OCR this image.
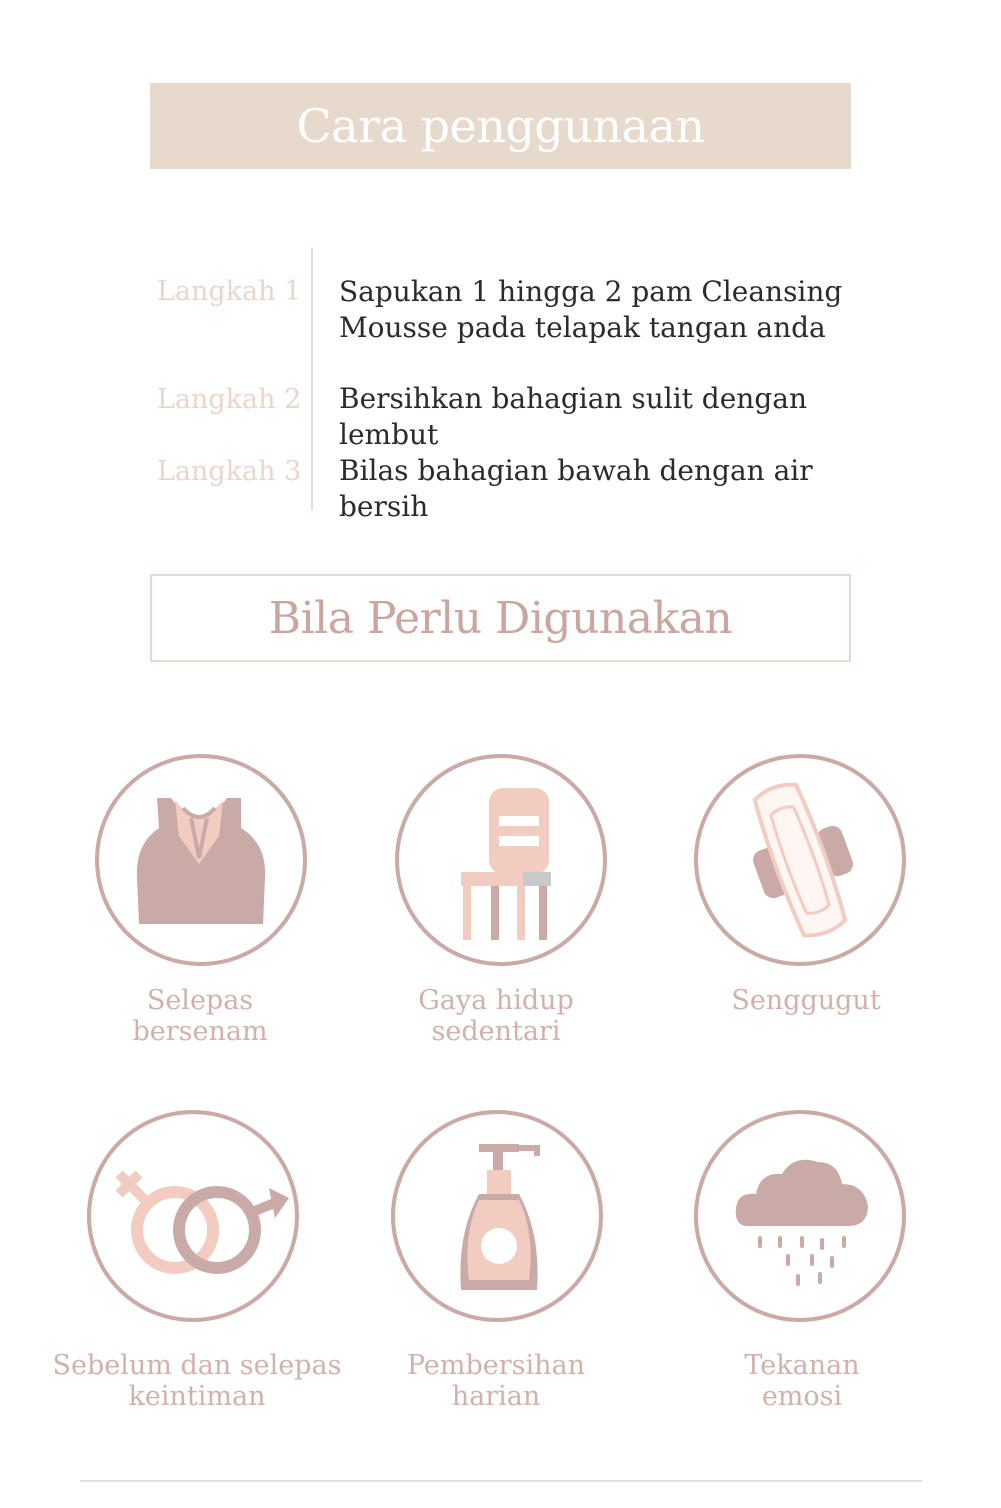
Cara penggunaan
Langkah 1 Sapukan 1 hingga 2 pam Cleansing
Mousse pada telapak tangan anda
Langkah 2 Bersihkan bahagian sulit dengan lembut
Langkah 3 Bilas bahagian bawah dengan air bersih
Bila Perlu Digunakan
Selepas
bersenam
Gaya hidup
sedentari
Senggugut
Sebelum dan selepas
keintiman
Pembersihan
harian
Tekanan
emosi
